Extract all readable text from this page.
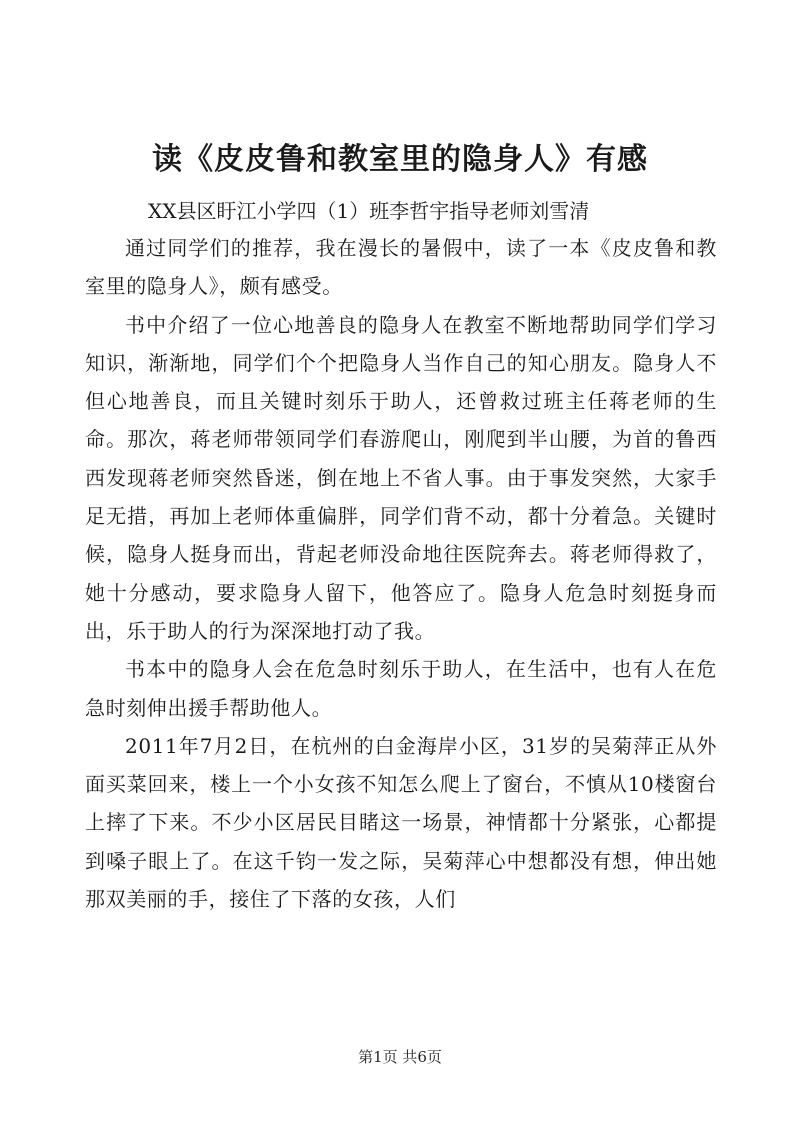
读《皮皮鲁和教室里的隐身人》有感
XX县区盱江小学四（1）班李哲宇指导老师刘雪清

通过同学们的推荐，我在漫长的暑假中，读了一本《皮皮鲁和教室里的隐身人》，颇有感受。

书中介绍了一位心地善良的隐身人在教室不断地帮助同学们学习知识，渐渐地，同学们个个把隐身人当作自己的知心朋友。隐身人不但心地善良，而且关键时刻乐于助人，还曾救过班主任蒋老师的生命。那次，蒋老师带领同学们春游爬山，刚爬到半山腰，为首的鲁西西发现蒋老师突然昏迷，倒在地上不省人事。由于事发突然，大家手足无措，再加上老师体重偏胖，同学们背不动，都十分着急。关键时候，隐身人挺身而出，背起老师没命地往医院奔去。蒋老师得救了，她十分感动，要求隐身人留下，他答应了。隐身人危急时刻挺身而出，乐于助人的行为深深地打动了我。

书本中的隐身人会在危急时刻乐于助人，在生活中，也有人在危急时刻伸出援手帮助他人。

2011年7月2日，在杭州的白金海岸小区，31岁的吴菊萍正从外面买菜回来，楼上一个小女孩不知怎么爬上了窗台，不慎从10楼窗台上摔了下来。不少小区居民目睹这一场景，神情都十分紧张，心都提到嗓子眼上了。在这千钧一发之际，吴菊萍心中想都没有想，伸出她那双美丽的手，接住了下落的女孩，人们

第1页 共6页
